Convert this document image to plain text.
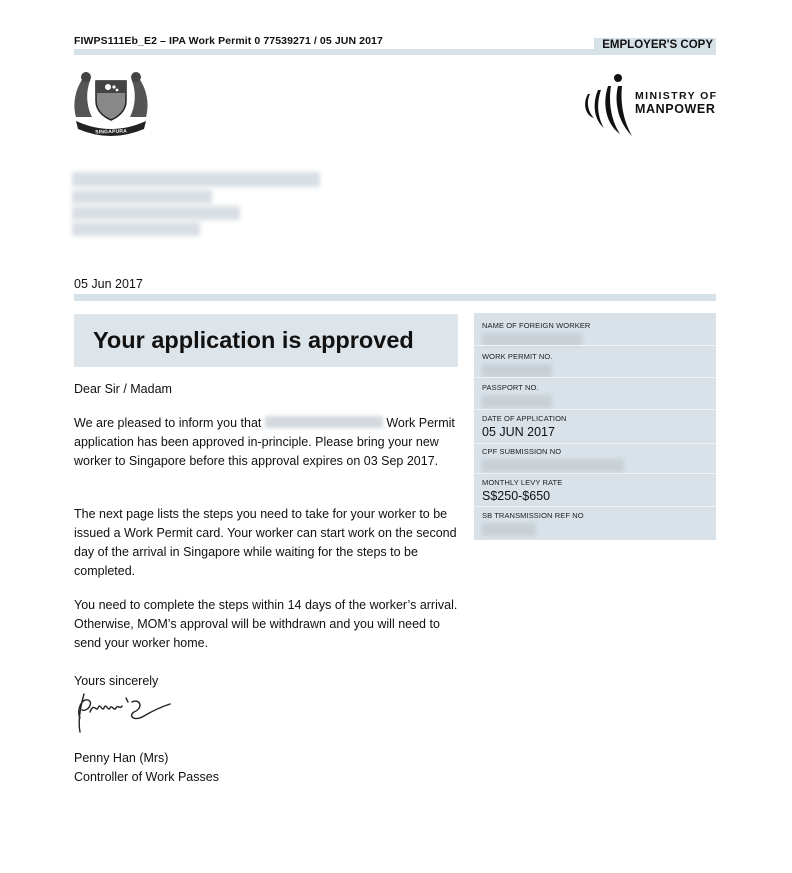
FIWPS111Eb_E2 – IPA Work Permit 0 77539271 / 05 JUN 2017	EMPLOYER'S COPY
MAJULAH SINGAPURA
MINISTRY OF
MANPOWER
05 Jun 2017
Your application is approved
Dear Sir / Madam
We are pleased to inform you that	Work Permit application has been approved in-principle. Please bring your new worker to Singapore before this approval expires on 03 Sep 2017.
The next page lists the steps you need to take for your worker to be issued a Work Permit card. Your worker can start work on the second day of the arrival in Singapore while waiting for the steps to be completed.
You need to complete the steps within 14 days of the worker’s arrival. Otherwise, MOM’s approval will be withdrawn and you will need to send your worker home.
Yours sincerely
Penny Han (Mrs)
Controller of Work Passes
NAME OF FOREIGN WORKER
WORK PERMIT NO.
PASSPORT NO.
DATE OF APPLICATION
05 JUN 2017
CPF SUBMISSION NO
MONTHLY LEVY RATE
S$250-$650
SB TRANSMISSION REF NO
